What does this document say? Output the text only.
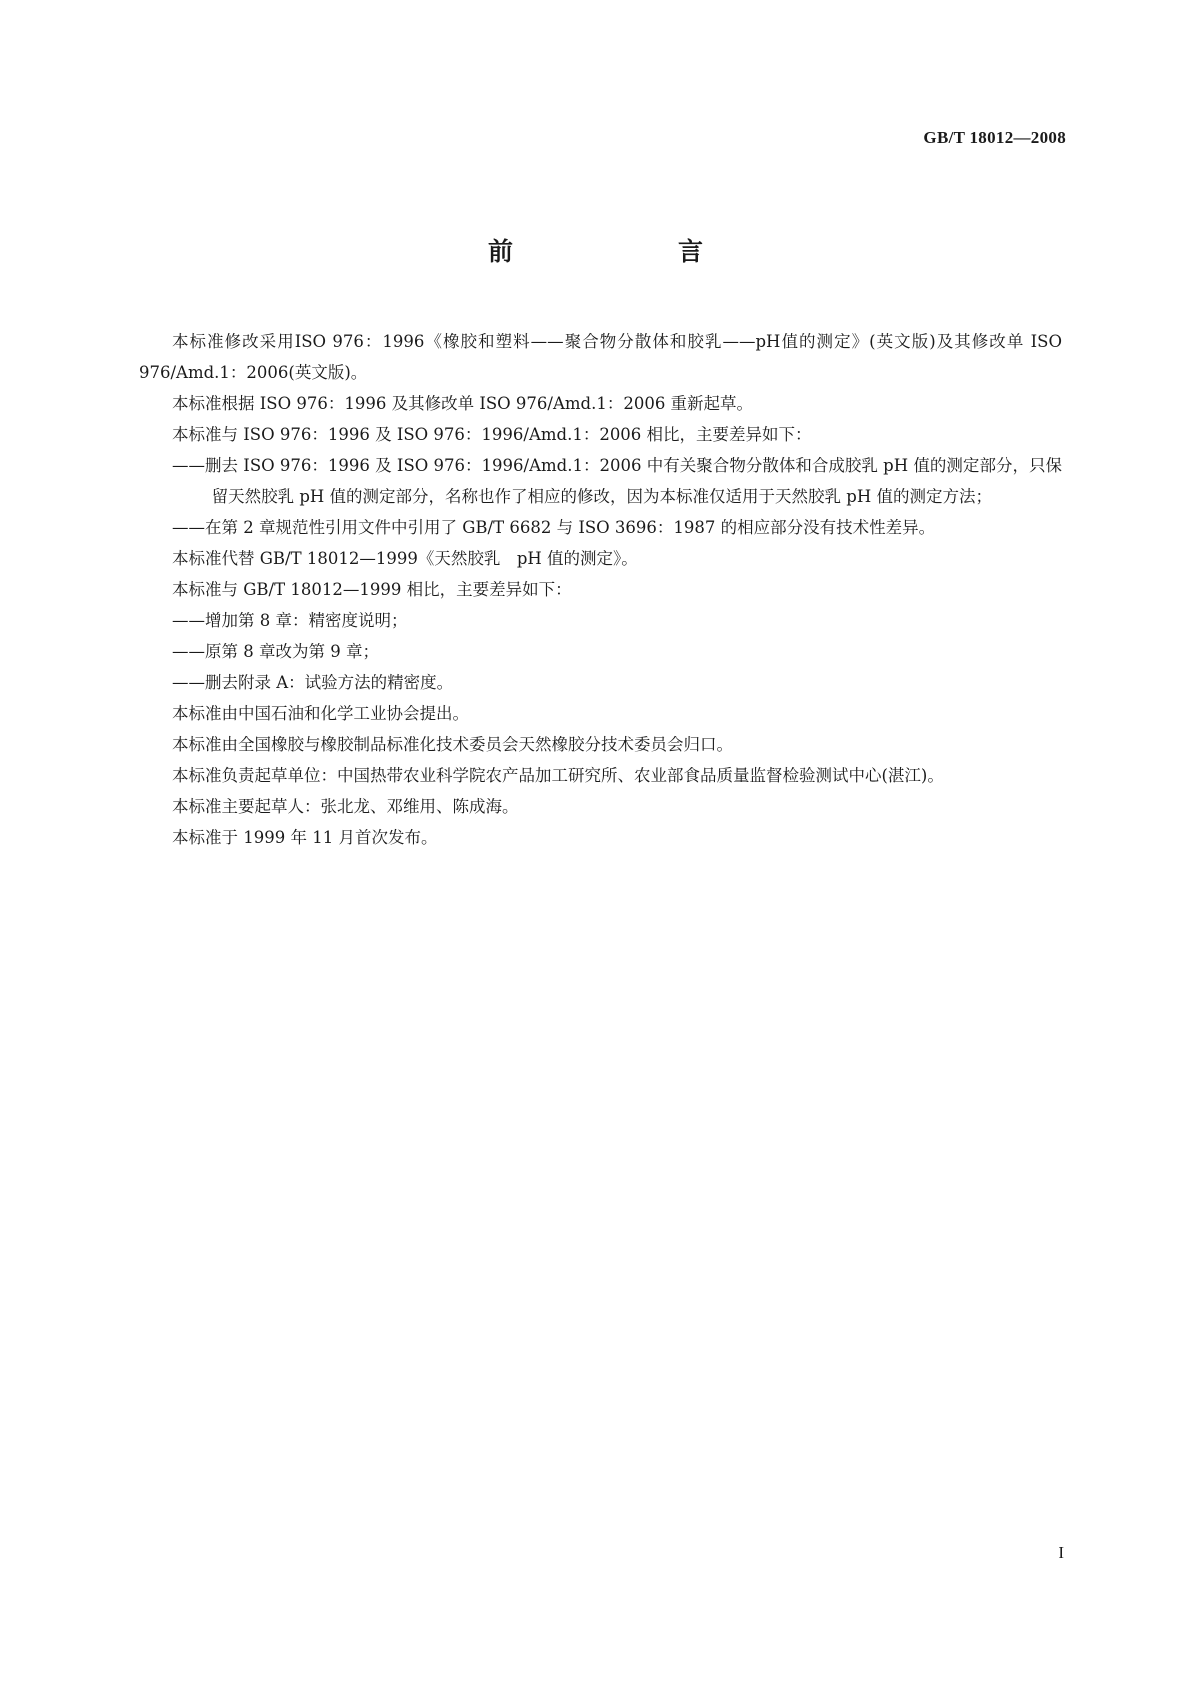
GB/T 18012—2008
前　言

本标准修改采用ISO 976：1996《橡胶和塑料——聚合物分散体和胶乳——pH值的测定》(英文版)及其修改单 ISO 976/Amd.1：2006(英文版)。

本标准根据 ISO 976：1996 及其修改单 ISO 976/Amd.1：2006 重新起草。

本标准与 ISO 976：1996 及 ISO 976：1996/Amd.1：2006 相比，主要差异如下：

——删去 ISO 976：1996 及 ISO 976：1996/Amd.1：2006 中有关聚合物分散体和合成胶乳 pH 值的测定部分，只保留天然胶乳 pH 值的测定部分，名称也作了相应的修改，因为本标准仅适用于天然胶乳 pH 值的测定方法；

——在第 2 章规范性引用文件中引用了 GB/T 6682 与 ISO 3696：1987 的相应部分没有技术性差异。

本标准代替 GB/T 18012—1999《天然胶乳　pH 值的测定》。

本标准与 GB/T 18012—1999 相比，主要差异如下：

——增加第 8 章：精密度说明；

——原第 8 章改为第 9 章；

——删去附录 A：试验方法的精密度。

本标准由中国石油和化学工业协会提出。

本标准由全国橡胶与橡胶制品标准化技术委员会天然橡胶分技术委员会归口。

本标准负责起草单位：中国热带农业科学院农产品加工研究所、农业部食品质量监督检验测试中心(湛江)。

本标准主要起草人：张北龙、邓维用、陈成海。

本标准于 1999 年 11 月首次发布。

I
